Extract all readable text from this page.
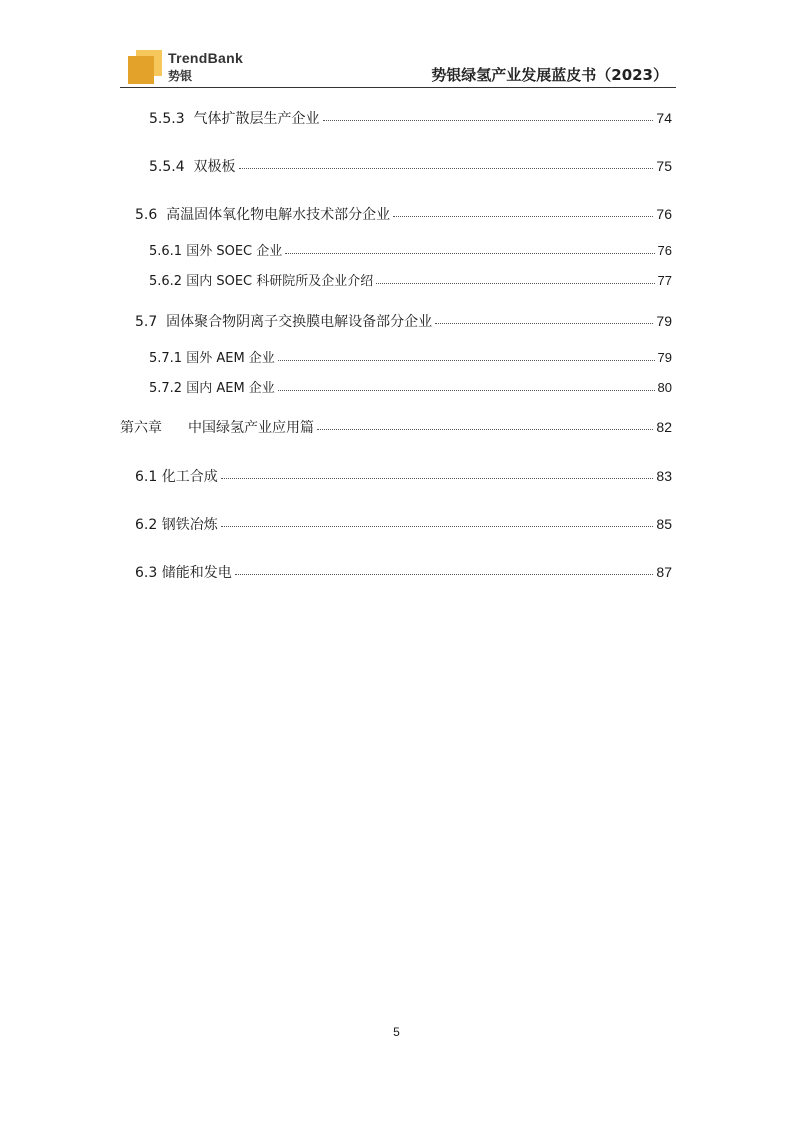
TrendBank
势银	势银绿氢产业发展蓝皮书（2023）
5.5.3 气体扩散层生产企业	74
5.5.4 双极板	75
5.6 高温固体氧化物电解水技术部分企业	76
5.6.1 国外 SOEC 企业	76
5.6.2 国内 SOEC 科研院所及企业介绍	77
5.7 固体聚合物阴离子交换膜电解设备部分企业	79
5.7.1 国外 AEM 企业	79
5.7.2 国内 AEM 企业	80
第六章 中国绿氢产业应用篇	82
6.1 化工合成	83
6.2 钢铁冶炼	85
6.3 储能和发电	87
5
